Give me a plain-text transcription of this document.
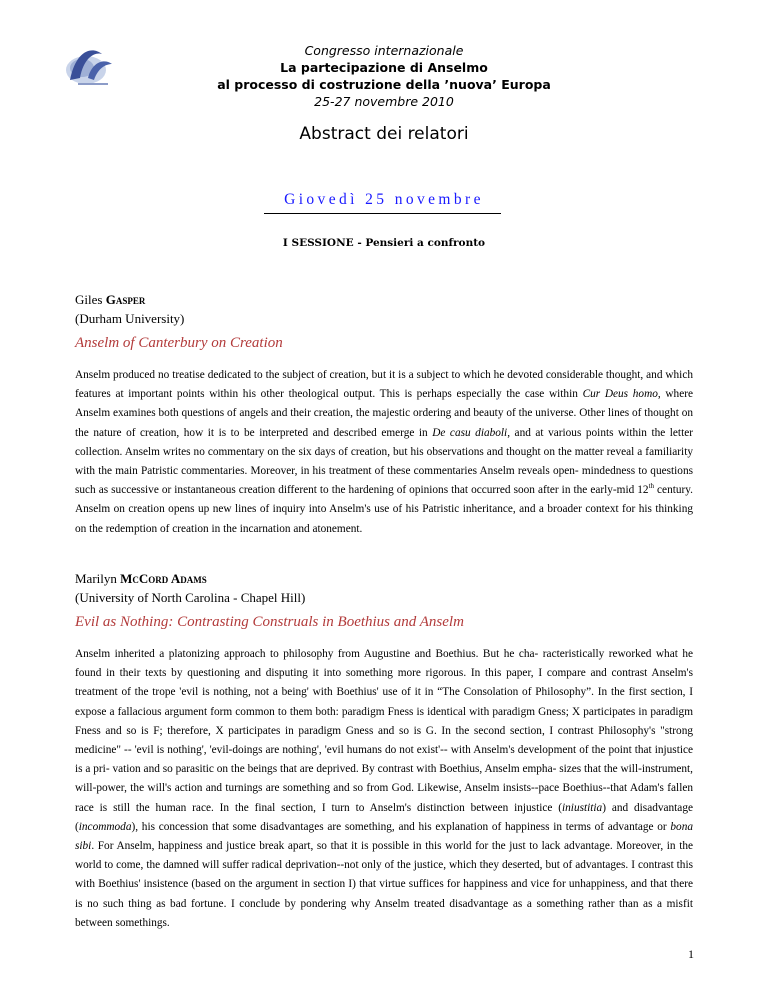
Congresso internazionale
La partecipazione di Anselmo
al processo di costruzione della ’nuova’ Europa
25-27 novembre 2010
Abstract dei relatori
Giovedì 25 novembre
I SESSIONE - Pensieri a confronto
Giles Gasper
(Durham University)
Anselm of Canterbury on Creation

Anselm produced no treatise dedicated to the subject of creation, but it is a subject to which he devoted considerable thought, and which features at important points within his other theological output. This is perhaps especially the case within Cur Deus homo, where Anselm examines both questions of angels and their creation, the majestic ordering and beauty of the universe. Other lines of thought on the nature of creation, how it is to be interpreted and described emerge in De casu diaboli, and at various points within the letter collection. Anselm writes no commentary on the six days of creation, but his observations and thought on the matter reveal a familiarity with the main Patristic commentaries. Moreover, in his treatment of these commentaries Anselm reveals open- mindedness to questions such as successive or instantaneous creation different to the hardening of opinions that occurred soon after in the early-mid 12th century. Anselm on creation opens up new lines of inquiry into Anselm's use of his Patristic inheritance, and a broader context for his thinking on the redemption of creation in the incarnation and atonement.

Marilyn McCord Adams
(University of North Carolina - Chapel Hill)
Evil as Nothing: Contrasting Construals in Boethius and Anselm

Anselm inherited a platonizing approach to philosophy from Augustine and Boethius. But he cha- racteristically reworked what he found in their texts by questioning and disputing it into something more rigorous. In this paper, I compare and contrast Anselm's treatment of the trope 'evil is nothing, not a being' with Boethius' use of it in “The Consolation of Philosophy”. In the first section, I expose a fallacious argument form common to them both: paradigm Fness is identical with paradigm Gness; X participates in paradigm Fness and so is F; therefore, X participates in paradigm Gness and so is G. In the second section, I contrast Philosophy's "strong medicine" -- 'evil is nothing', 'evil-doings are nothing', 'evil humans do not exist'-- with Anselm's development of the point that injustice is a pri- vation and so parasitic on the beings that are deprived. By contrast with Boethius, Anselm empha- sizes that the will-instrument, will-power, the will's action and turnings are something and so from God. Likewise, Anselm insists--pace Boethius--that Adam's fallen race is still the human race. In the final section, I turn to Anselm's distinction between injustice (iniustitia) and disadvantage (incommoda), his concession that some disadvantages are something, and his explanation of happiness in terms of advantage or bona sibi. For Anselm, happiness and justice break apart, so that it is possible in this world for the just to lack advantage. Moreover, in the world to come, the damned will suffer radical deprivation--not only of the justice, which they deserted, but of advantages. I contrast this with Boethius' insistence (based on the argument in section I) that virtue suffices for happiness and vice for unhappiness, and that there is no such thing as bad fortune. I conclude by pondering why Anselm treated disadvantage as a something rather than as a misfit between somethings.

1
